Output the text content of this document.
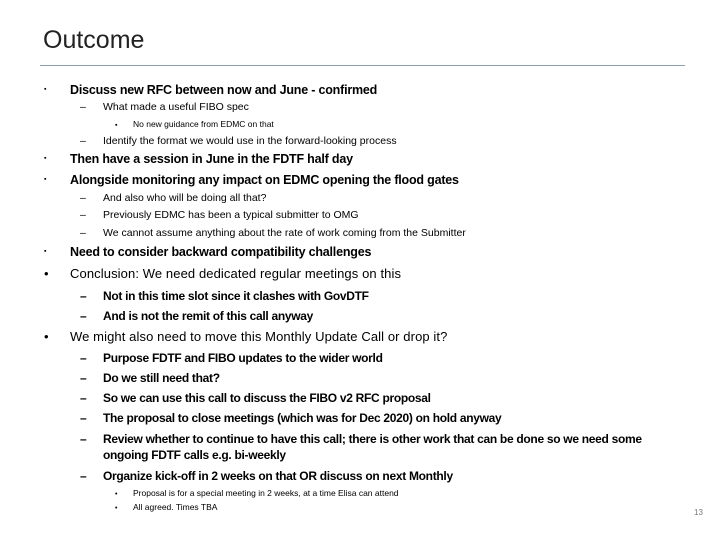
Outcome
▪ Discuss new RFC between now and June - confirmed
– What made a useful FIBO spec
▪ No new guidance from EDMC on that
– Identify the format we would use in the forward-looking process
▪ Then have a session in June in the FDTF half day
▪ Alongside monitoring any impact on EDMC opening the flood gates
– And also who will be doing all that?
– Previously EDMC has been a typical submitter to OMG
– We cannot assume anything about the rate of work coming from the Submitter
▪ Need to consider backward compatibility challenges
• Conclusion: We need dedicated regular meetings on this
– Not in this time slot since it clashes with GovDTF
– And is not the remit of this call anyway
• We might also need to move this Monthly Update Call or drop it?
– Purpose FDTF and FIBO updates to the wider world
– Do we still need that?
– So we can use this call to discuss the FIBO v2 RFC proposal
– The proposal to close meetings (which was for Dec 2020) on hold anyway
– Review whether to continue to have this call; there is other work that can be done so we need some
ongoing FDTF calls e.g. bi-weekly
– Organize kick-off in 2 weeks on that OR discuss on next Monthly
• Proposal is for a special meeting in 2 weeks, at a time Elisa can attend
• All agreed. Times TBA
13
